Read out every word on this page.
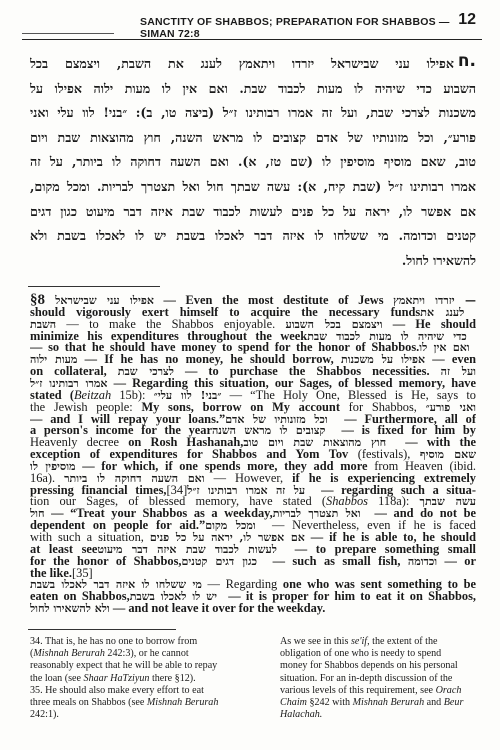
SANCTITY OF SHABBOS; PREPARATION FOR SHABBOS — SIMAN 72:8
12
אפילו עני שבישראל יזרדו ויתאמץ לענג את השבת, ויצמצם בכל
השבוע כדי שיהיה לו מעות לכבוד שבת. ואם אין לו מעות ילוה אפילו על
משכנות לצרכי שבת, ועל זה אמרו רבותינו ז״ל (ביצה טו, ב): ״בני! לוו עלי ואני
פורע״, וכל מזונותיו של אדם קצובים לו מראש השנה, חוץ מהוצאות שבת ויום
טוב, שאם מוסיף מוסיפין לו (שם טז, א). ואם השעה דחוקה לו ביותר, על זה
אמרו רבותינו ז״ל (שבת קיח, א): עשה שבתך חול ואל תצטרך לבריות. ומכל מקום,
אם אפשר לו, יראה על כל פנים לעשות לכבוד שבת איזה דבר מיעוט כגון דגים
קטנים וכדומה. מי ששלחו לו איזה דבר לאכלו בשבת יש לו לאכלו בשבת ולא
להשאירו לחול.
ח.
§8 אפילו עני שבישראל — Even the most destitute of Jews — יזרדו ויתאמץ
should vigorously exert himself to acquire the necessary funds לענג את
השבת — to make the Shabbos enjoyable. ויצמצם בכל השבוע — He should
minimize his expenditures throughout the week כדי שיהיה לו מעות לכבוד שבת
— so that he should have money to spend for the honor of Shabbos. ואם אין לו
מעות ילוה — If he has no money, he should borrow, אפילו על משכנות — even
on collateral, לצרכי שבת — to purchase the Shabbos necessities. ועל זה
אמרו רבותינו ז״ל — Regarding this situation, our Sages, of blessed memory, have
stated (Beitzah 15b): ״בני! לוו עלי״ — “The Holy One, Blessed is He, says to
the Jewish people: My sons, borrow on My account for Shabbos, ואני פורע״
— and I will repay your loans.” וכל מזונותיו של אדם — Furthermore, all of
a person's income for the year קצובים לו מראש השנה — is fixed for him by
Heavenly decree on Rosh Hashanah, חוץ מהוצאות שבת ויום טוב — with the
exception of expenditures for Shabbos and Yom Tov (festivals), שאם מוסיף
מוסיפין לו — for which, if one spends more, they add more from Heaven (ibid.
16a). ואם השעה דחוקה לו ביותר — However, if he is experiencing extremely
pressing financial times,[34] על זה אמרו רבותינו ז״ל — regarding such a situa-
tion our Sages, of blessed memory, have stated (Shabbos 118a): עשה שבתך
חול — “Treat your Shabbos as a weekday, ואל תצטרך לבריות — and do not be
dependent on people for aid.” ומכל מקום — Nevertheless, even if he is faced
with such a situation, אם אפשר לו, יראה על כל פנים — if he is able to, he should
at least see לעשות לכבוד שבת איזה דבר מיעוט — to prepare something small
for the honor of Shabbos, כגון דגים קטנים — such as small fish, וכדומה — or
the like.[35]
מי ששלחו לו איזה דבר לאכלו בשבת — Regarding one who was sent something to be
eaten on Shabbos, יש לו לאכלו בשבת — it is proper for him to eat it on Shabbos,
ולא להשאירו לחול — and not leave it over for the weekday.
34. That is, he has no one to borrow from
(Mishnah Berurah 242:3), or he cannot
reasonably expect that he will be able to repay
the loan (see Shaar HaTziyun there §12).
35. He should also make every effort to eat
three meals on Shabbos (see Mishnah Berurah
242:1).
As we see in this se'if, the extent of the
obligation of one who is needy to spend
money for Shabbos depends on his personal
situation. For an in-depth discussion of the
various levels of this requirement, see Orach
Chaim §242 with Mishnah Berurah and Beur
Halachah.
